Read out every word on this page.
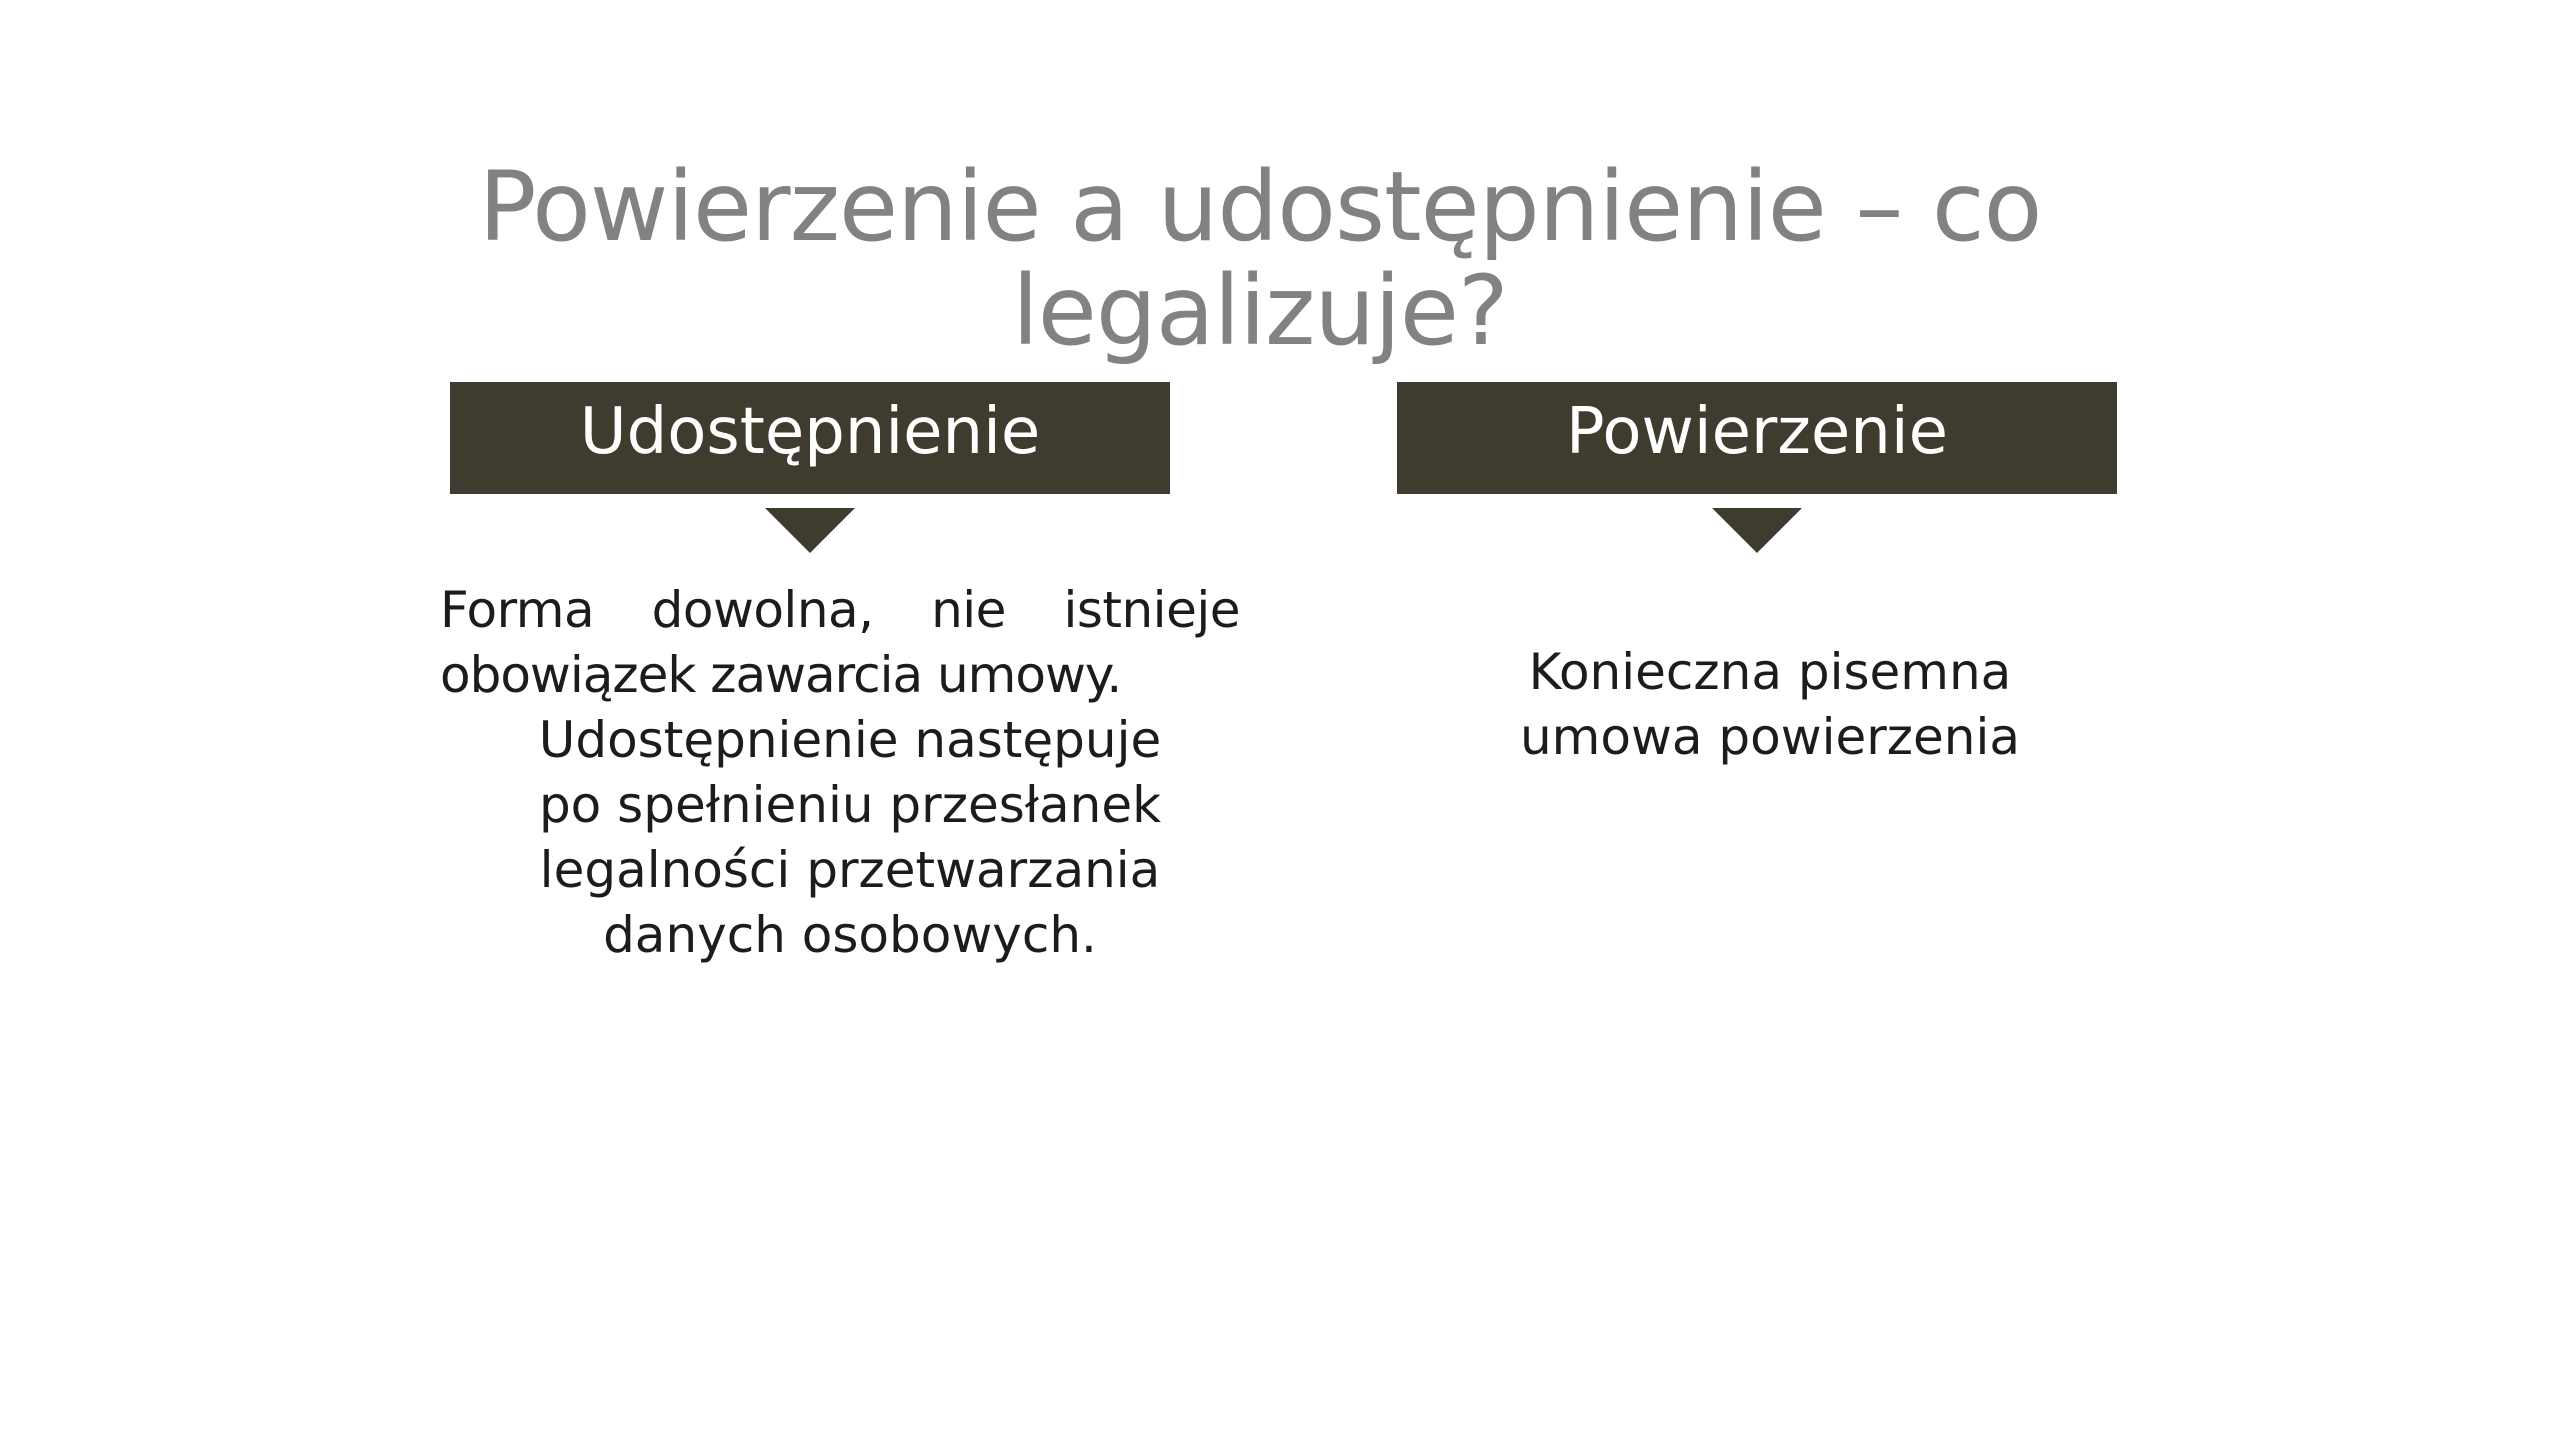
Powierzenie a udostępnienie – co
legalizuje?
Udostępnienie	Powierzenie
Forma dowolna, nie istnieje
obowiązek zawarcia umowy.
Udostępnienie następuje
po spełnieniu przesłanek
legalności przetwarzania
danych osobowych.
Konieczna pisemna
umowa powierzenia
